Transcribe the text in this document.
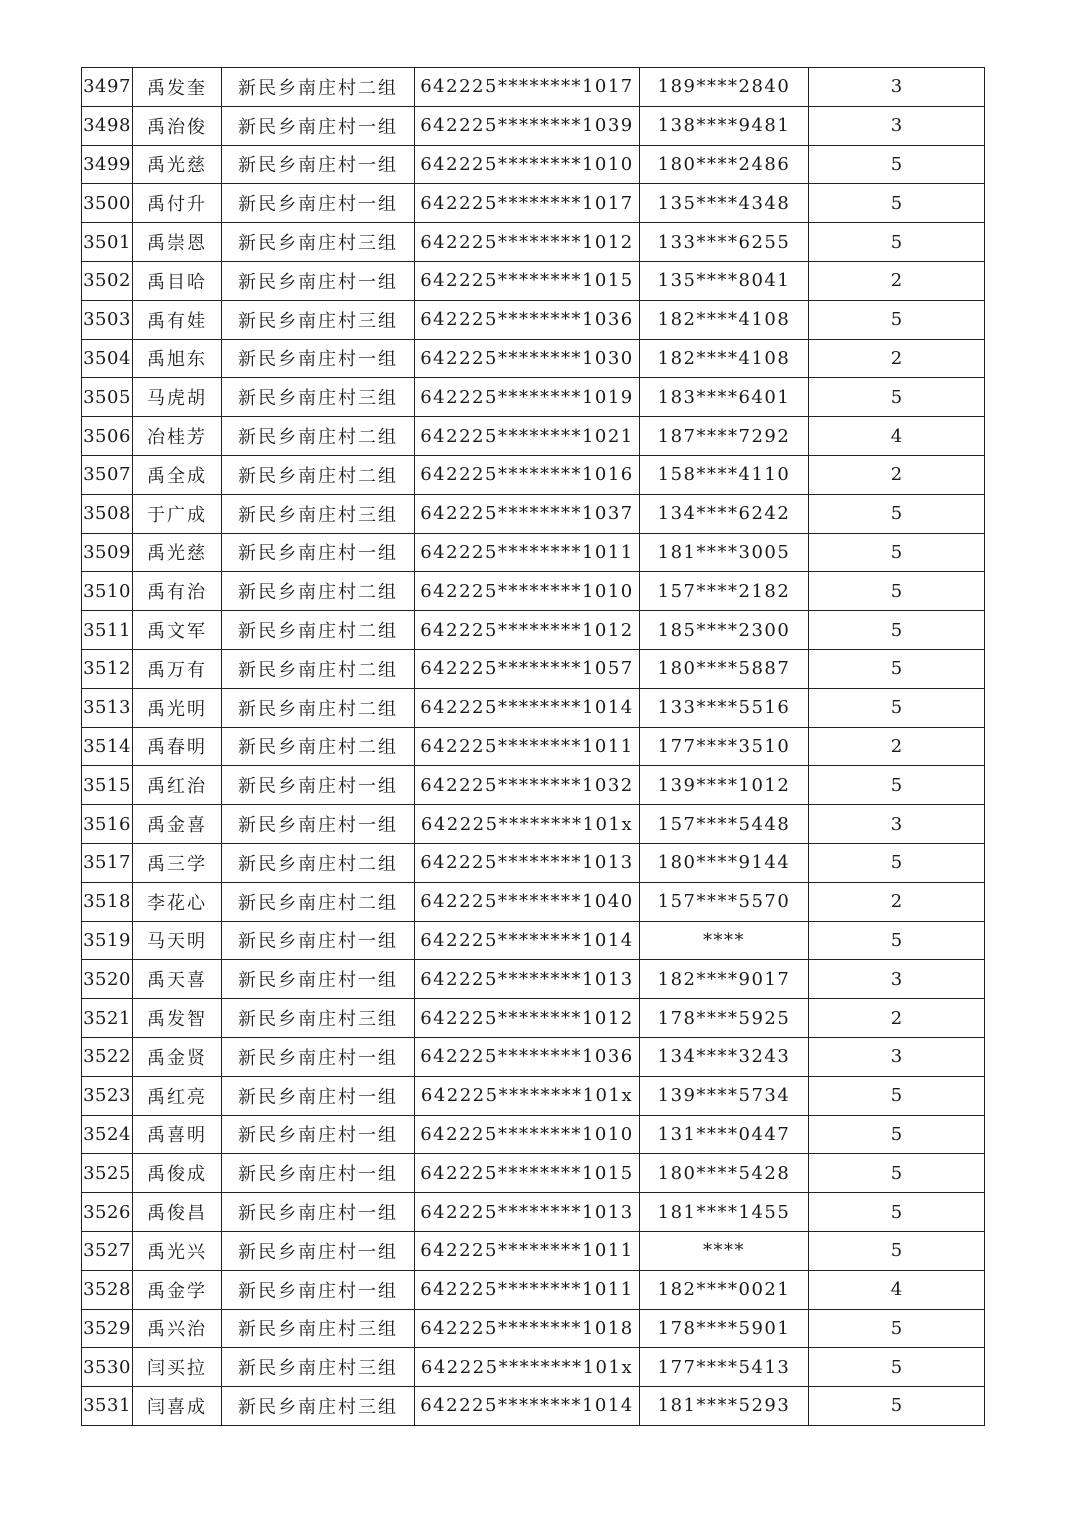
3497	禹发奎	新民乡南庄村二组	642225********1017	189****2840	3
3498	禹治俊	新民乡南庄村一组	642225********1039	138****9481	3
3499	禹光慈	新民乡南庄村一组	642225********1010	180****2486	5
3500	禹付升	新民乡南庄村一组	642225********1017	135****4348	5
3501	禹崇恩	新民乡南庄村三组	642225********1012	133****6255	5
3502	禹目哈	新民乡南庄村一组	642225********1015	135****8041	2
3503	禹有娃	新民乡南庄村三组	642225********1036	182****4108	5
3504	禹旭东	新民乡南庄村一组	642225********1030	182****4108	2
3505	马虎胡	新民乡南庄村三组	642225********1019	183****6401	5
3506	冶桂芳	新民乡南庄村二组	642225********1021	187****7292	4
3507	禹全成	新民乡南庄村二组	642225********1016	158****4110	2
3508	于广成	新民乡南庄村三组	642225********1037	134****6242	5
3509	禹光慈	新民乡南庄村一组	642225********1011	181****3005	5
3510	禹有治	新民乡南庄村二组	642225********1010	157****2182	5
3511	禹文军	新民乡南庄村二组	642225********1012	185****2300	5
3512	禹万有	新民乡南庄村二组	642225********1057	180****5887	5
3513	禹光明	新民乡南庄村二组	642225********1014	133****5516	5
3514	禹春明	新民乡南庄村二组	642225********1011	177****3510	2
3515	禹红治	新民乡南庄村一组	642225********1032	139****1012	5
3516	禹金喜	新民乡南庄村一组	642225********101x	157****5448	3
3517	禹三学	新民乡南庄村二组	642225********1013	180****9144	5
3518	李花心	新民乡南庄村二组	642225********1040	157****5570	2
3519	马天明	新民乡南庄村一组	642225********1014	****	5
3520	禹天喜	新民乡南庄村一组	642225********1013	182****9017	3
3521	禹发智	新民乡南庄村三组	642225********1012	178****5925	2
3522	禹金贤	新民乡南庄村一组	642225********1036	134****3243	3
3523	禹红亮	新民乡南庄村一组	642225********101x	139****5734	5
3524	禹喜明	新民乡南庄村一组	642225********1010	131****0447	5
3525	禹俊成	新民乡南庄村一组	642225********1015	180****5428	5
3526	禹俊昌	新民乡南庄村一组	642225********1013	181****1455	5
3527	禹光兴	新民乡南庄村一组	642225********1011	****	5
3528	禹金学	新民乡南庄村一组	642225********1011	182****0021	4
3529	禹兴治	新民乡南庄村三组	642225********1018	178****5901	5
3530	闫买拉	新民乡南庄村三组	642225********101x	177****5413	5
3531	闫喜成	新民乡南庄村三组	642225********1014	181****5293	5
